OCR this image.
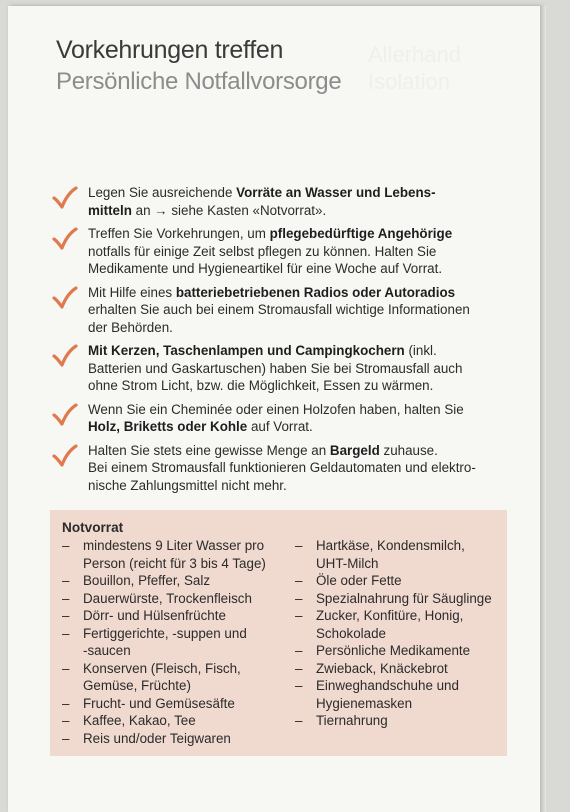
Allerhand
Isolation
Vorkehrungen treffen
Persönliche Notfallvorsorge
Legen Sie ausreichende Vorräte an Wasser und Lebens-
mitteln an → siehe Kasten «Notvorrat».
Treffen Sie Vorkehrungen, um pflegebedürftige Angehörige
notfalls für einige Zeit selbst pflegen zu können. Halten Sie
Medikamente und Hygieneartikel für eine Woche auf Vorrat.
Mit Hilfe eines batteriebetriebenen Radios oder Autoradios
erhalten Sie auch bei einem Stromausfall wichtige Informationen
der Behörden.
Mit Kerzen, Taschenlampen und Campingkochern (inkl.
Batterien und Gaskartuschen) haben Sie bei Stromausfall auch
ohne Strom Licht, bzw. die Möglichkeit, Essen zu wärmen.
Wenn Sie ein Cheminée oder einen Holzofen haben, halten Sie
Holz, Briketts oder Kohle auf Vorrat.
Halten Sie stets eine gewisse Menge an Bargeld zuhause.
Bei einem Stromausfall funktionieren Geldautomaten und elektro-
nische Zahlungsmittel nicht mehr.
Notvorrat
– mindestens 9 Liter Wasser pro
Person (reicht für 3 bis 4 Tage)
– Bouillon, Pfeffer, Salz
– Dauerwürste, Trockenfleisch
– Dörr- und Hülsenfrüchte
– Fertiggerichte, -suppen und
-saucen
– Konserven (Fleisch, Fisch,
Gemüse, Früchte)
– Frucht- und Gemüsesäfte
– Kaffee, Kakao, Tee
– Reis und/oder Teigwaren
– Hartkäse, Kondensmilch,
UHT-Milch
– Öle oder Fette
– Spezialnahrung für Säuglinge
– Zucker, Konfitüre, Honig,
Schokolade
– Persönliche Medikamente
– Zwieback, Knäckebrot
– Einweghandschuhe und
Hygienemasken
– Tiernahrung
